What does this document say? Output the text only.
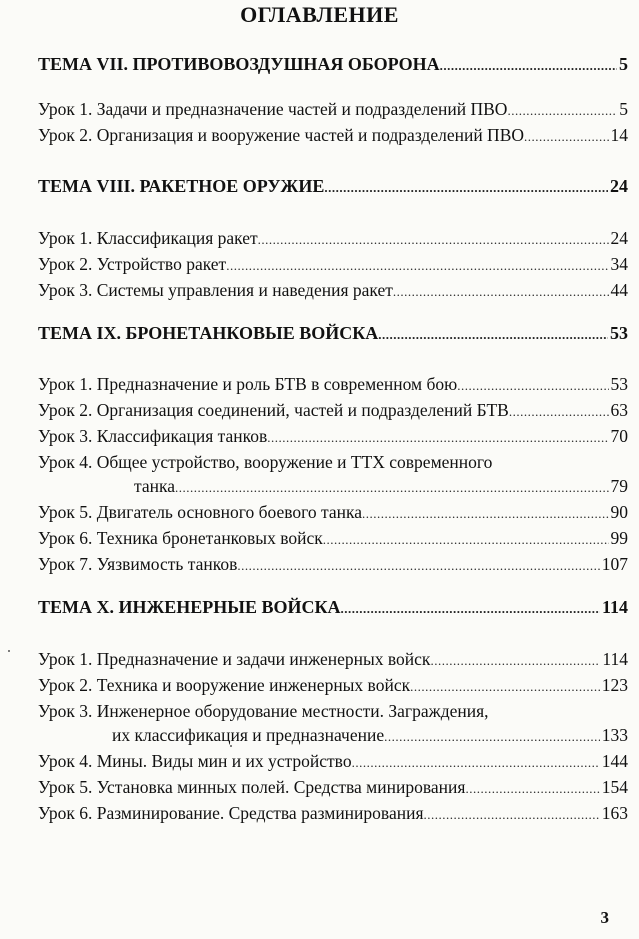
ОГЛАВЛЕНИЕ
ТЕМА VII. ПРОТИВОВОЗДУШНАЯ ОБОРОНА .....	5
Урок 1. Задачи и предназначение частей и подразделений ПВО .....	5
Урок 2. Организация и вооружение частей и подразделений ПВО .....	14
ТЕМА VIII. РАКЕТНОЕ ОРУЖИЕ .....	24
Урок 1. Классификация ракет .....	24
Урок 2. Устройство ракет .....	34
Урок 3. Системы управления и наведения ракет .....	44
ТЕМА IX. БРОНЕТАНКОВЫЕ ВОЙСКА .....	53
Урок 1. Предназначение и роль БТВ в современном бою .....	53
Урок 2. Организация соединений, частей и подразделений БТВ .....	63
Урок 3. Классификация танков .....	70
Урок 4. Общее устройство, вооружение и ТТХ современного
танка .....	79
Урок 5. Двигатель основного боевого танка .....	90
Урок 6. Техника бронетанковых войск .....	99
Урок 7. Уязвимость танков .....	107
ТЕМА X. ИНЖЕНЕРНЫЕ ВОЙСКА .....	114
Урок 1. Предназначение и задачи инженерных войск .....	114
Урок 2. Техника и вооружение инженерных войск .....	123
Урок 3. Инженерное оборудование местности. Заграждения,
их классификация и предназначение .....	133
Урок 4. Мины. Виды мин и их устройство .....	144
Урок 5. Установка минных полей. Средства минирования .....	154
Урок 6. Разминирование. Средства разминирования .....	163
3
